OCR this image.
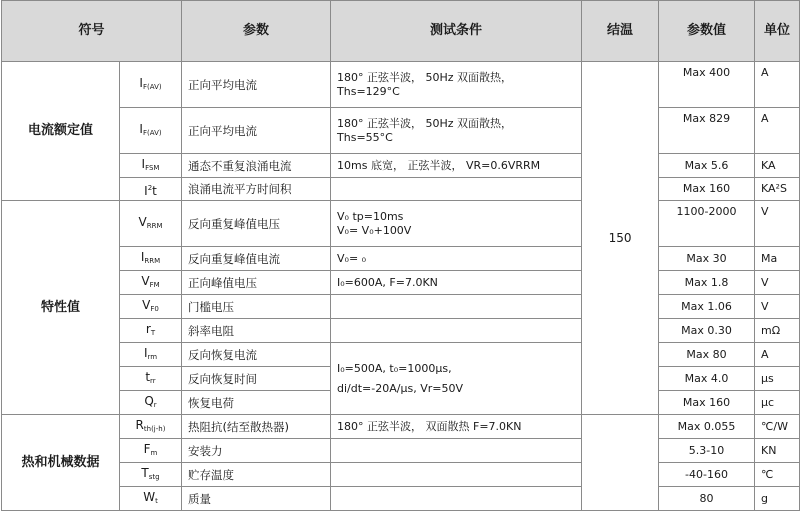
符号		参数	测试条件	结温	参数值	单位
电流额定值	$I_{F(AV)}$	正向平均电流	180° 正弦半波， 50Hz 双面散热，
Ths=129°C	150	Max 400	A
	$I_{F(AV)}$	正向平均电流	180° 正弦半波， 50Hz 双面散热，
Ths=55°C		Max 829	A
	$I_{FSM}$	通态不重复浪涌电流	10ms 底宽， 正弦半波， VR=0.6VRRM		Max 5.6	KA
	$I^2t$	浪涌电流平方时间积			Max 160	KA²S
特性值	$V_{RRM}$	反向重复峰值电压	V₀ tp=10ms
V₀= V₀+100V		1100-2000	V
	$I_{RRM}$	反向重复峰值电流	V₀= ₀		Max 30	Ma
	$V_{FM}$	正向峰值电压	I₀=600A, F=7.0KN		Max 1.8	V
	$V_{F0}$	门槛电压			Max 1.06	V
	$r_T$	斜率电阻			Max 0.30	mΩ
	$I_{rm}$	反向恢复电流	I₀=500A, t₀=1000μs,
di/dt=-20A/μs, Vr=50V		Max 80	A
	$t_{rr}$	反向恢复时间			Max 4.0	μs
	$Q_r$	恢复电荷			Max 160	μc
热和机械数据	$R_{th(j-h)}$	热阻抗(结至散热器)	180° 正弦半波， 双面散热 F=7.0KN		Max 0.055	℃/W
	$F_m$	安装力			5.3-10	KN
	$T_{stg}$	贮存温度			-40-160	℃
	$W_t$	质量			80	g
